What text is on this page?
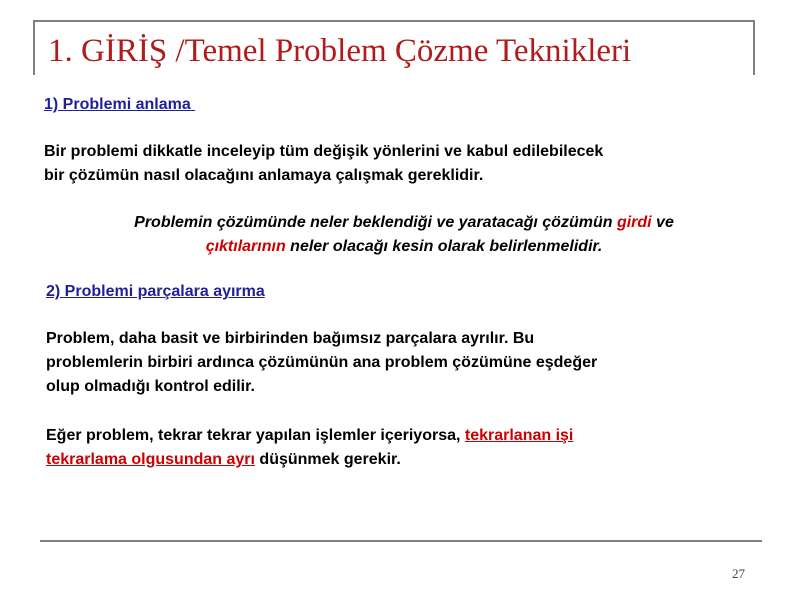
1. GİRİŞ /Temel Problem Çözme Teknikleri	.

1) Problemi anlama

Bir problemi dikkatle inceleyip tüm değişik yönlerini ve kabul edilebilecek
bir çözümün nasıl olacağını anlamaya çalışmak gereklidir.
Problemin çözümünde neler beklendiği ve yaratacağı çözümün girdi ve
çıktılarının neler olacağı kesin olarak belirlenmelidir.

2) Problemi parçalara ayırma

Problem, daha basit ve birbirinden bağımsız parçalara ayrılır. Bu
problemlerin birbiri ardınca çözümünün ana problem çözümüne eşdeğer
olup olmadığı kontrol edilir.
Eğer problem, tekrar tekrar yapılan işlemler içeriyorsa, tekrarlanan işi
tekrarlama olgusundan ayrı düşünmek gerekir.
27
